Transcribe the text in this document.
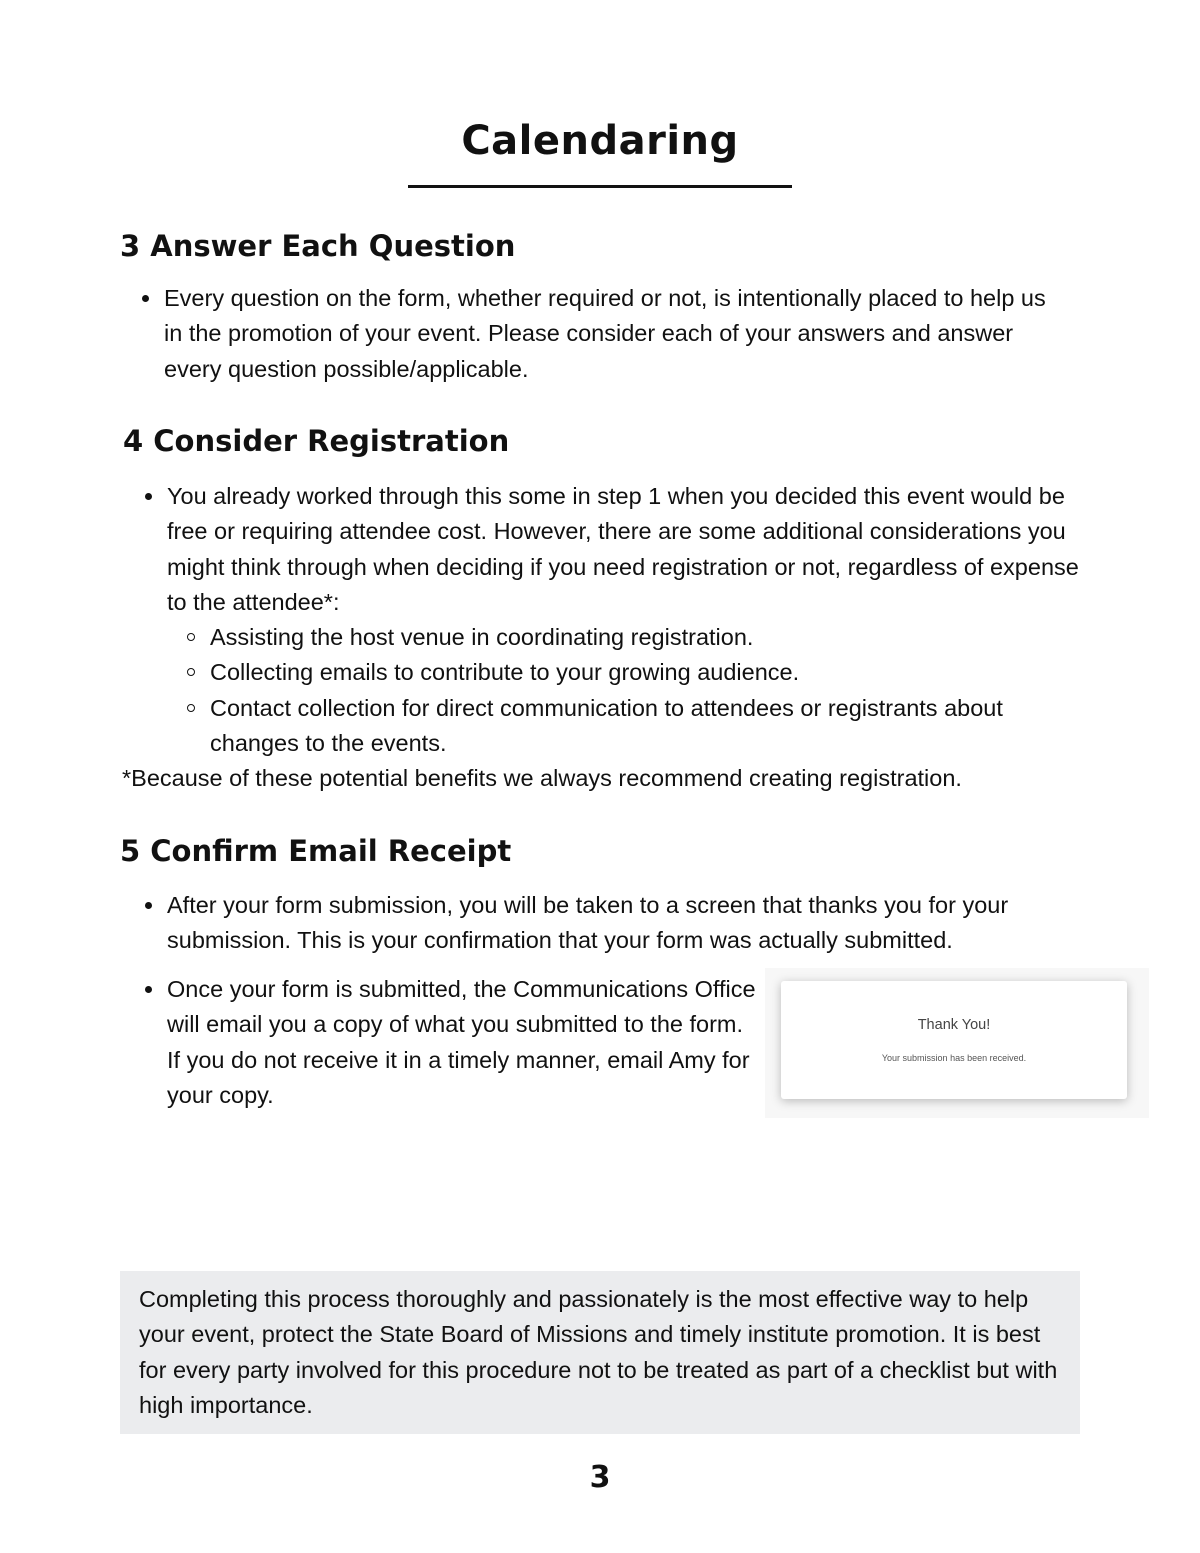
Calendaring
3 Answer Each Question
Every question on the form, whether required or not, is intentionally placed to help us in the promotion of your event. Please consider each of your answers and answer every question possible/applicable.
4 Consider Registration
You already worked through this some in step 1 when you decided this event would be free or requiring attendee cost. However, there are some additional considerations you might think through when deciding if you need registration or not, regardless of expense to the attendee*:
Assisting the host venue in coordinating registration.
Collecting emails to contribute to your growing audience.
Contact collection for direct communication to attendees or registrants about changes to the events.
*Because of these potential benefits we always recommend creating registration.
5 Confirm Email Receipt
After your form submission, you will be taken to a screen that thanks you for your submission. This is your confirmation that your form was actually submitted.
Once your form is submitted, the Communications Office will email you a copy of what you submitted to the form. If you do not receive it in a timely manner, email Amy for your copy.
Thank You!
Your submission has been received.
Completing this process thoroughly and passionately is the most effective way to help your event, protect the State Board of Missions and timely institute promotion. It is best for every party involved for this procedure not to be treated as part of a checklist but with high importance.
3
